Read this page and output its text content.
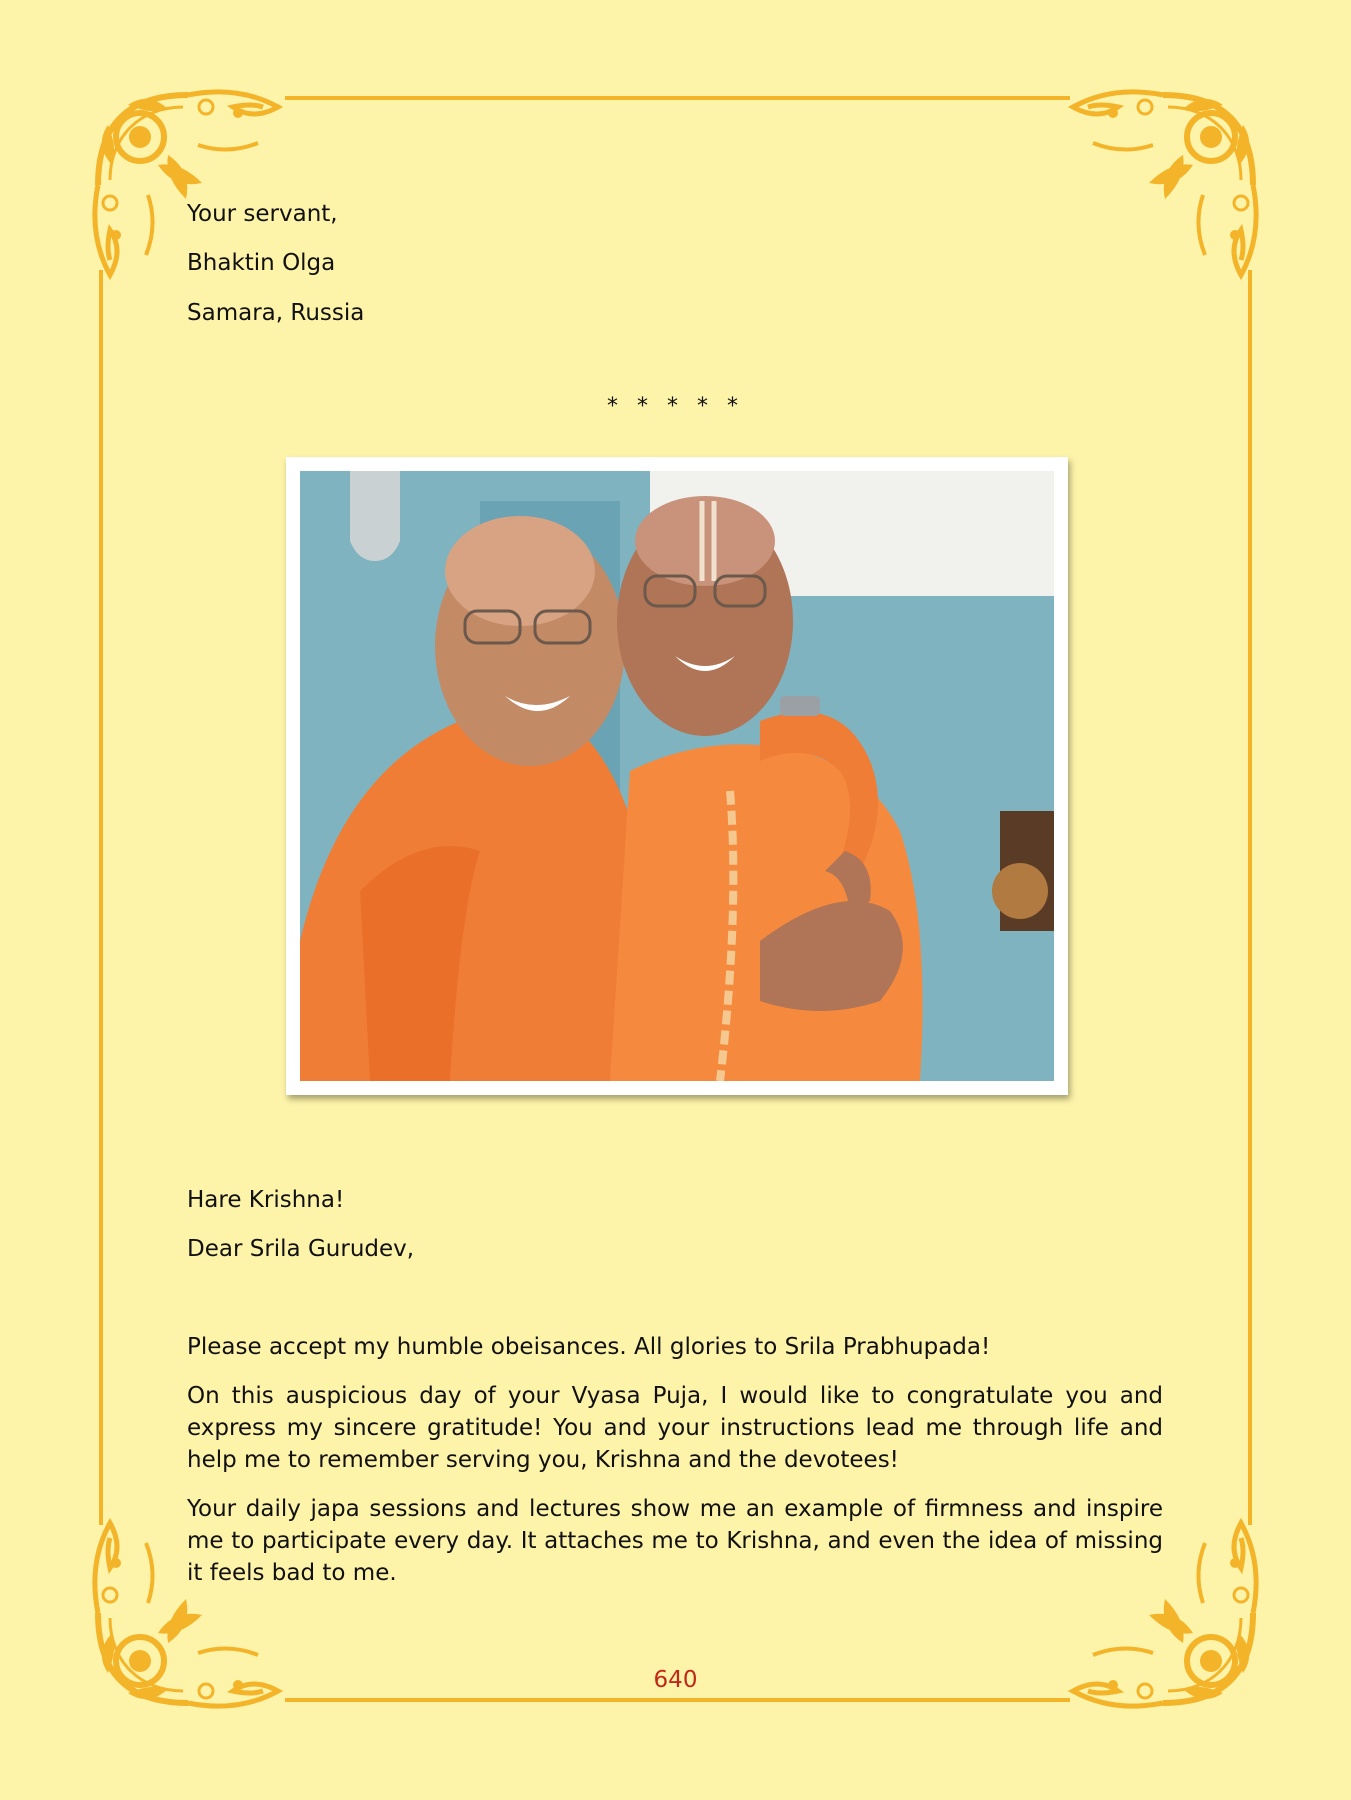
Your servant,
Bhaktin Olga
Samara, Russia
* * * * *
Hare Krishna!
Dear Srila Gurudev,

Please accept my humble obeisances. All glories to Srila Prabhupada!

On this auspicious day of your Vyasa Puja, I would like to congratulate you and express my sincere gratitude! You and your instructions lead me through life and help me to remember serving you, Krishna and the devotees!

Your daily japa sessions and lectures show me an example of firmness and inspire me to participate every day. It attaches me to Krishna, and even the idea of missing it feels bad to me.

640
